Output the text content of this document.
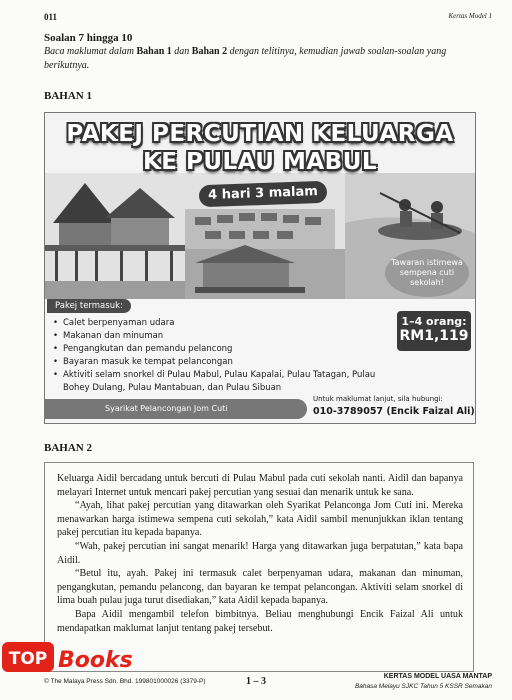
011	Kertas Model 1
Soalan 7 hingga 10
Baca maklumat dalam Bahan 1 dan Bahan 2 dengan telitinya, kemudian jawab soalan-soalan yang berikutnya.
BAHAN 1
PAKEJ PERCUTIAN KELUARGA
KE PULAU MABUL
4 hari 3 malam
Tawaran istimewa sempena cuti sekolah!
Pakej termasuk:
• Calet berpenyaman udara
• Makanan dan minuman
• Pengangkutan dan pemandu pelancong
• Bayaran masuk ke tempat pelancongan
• Aktiviti selam snorkel di Pulau Mabul, Pulau Kapalai, Pulau Tatagan, Pulau Bohey Dulang, Pulau Mantabuan, dan Pulau Sibuan
1–4 orang:
RM1,119
Syarikat Pelancongan Jom Cuti
Untuk maklumat lanjut, sila hubungi:
010-3789057 (Encik Faizal Ali)
BAHAN 2

Keluarga Aidil bercadang untuk bercuti di Pulau Mabul pada cuti sekolah nanti. Aidil dan bapanya melayari Internet untuk mencari pakej percutian yang sesuai dan menarik untuk ke sana.

“Ayah, lihat pakej percutian yang ditawarkan oleh Syarikat Pelanconga Jom Cuti ini. Mereka menawarkan harga istimewa sempena cuti sekolah,” kata Aidil sambil menunjukkan iklan tentang pakej percutian itu kepada bapanya.

“Wah, pakej percutian ini sangat menarik! Harga yang ditawarkan juga berpatutan,” kata bapa Aidil.

“Betul itu, ayah. Pakej ini termasuk calet berpenyaman udara, makanan dan minuman, pengangkutan, pemandu pelancong, dan bayaran ke tempat pelancongan. Aktiviti selam snorkel di lima buah pulau juga turut disediakan,” kata Aidil kepada bapanya.

Bapa Aidil mengambil telefon bimbitnya. Beliau menghubungi Encik Faizal Ali untuk mendapatkan maklumat lanjut tentang pakej tersebut.

TOP Books
© The Malaya Press Sdn. Bhd. 199801000026 (3379-P)	1 – 3	KERTAS MODEL UASA MANTAP
Bahasa Melayu SJKC Tahun 5 KSSR Semakan
